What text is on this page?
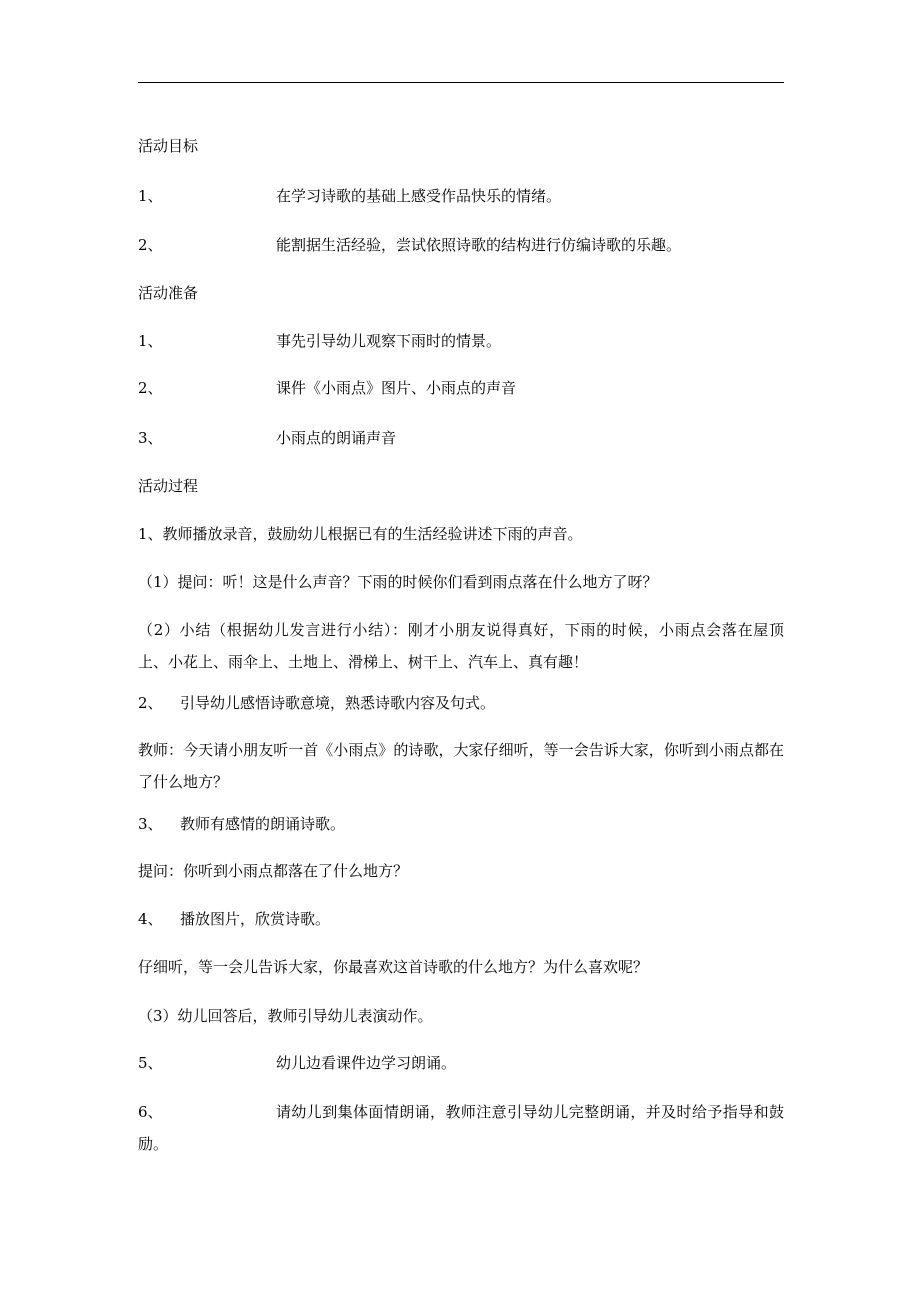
活动目标
1、	在学习诗歌的基础上感受作品快乐的情绪。
2、	能割据生活经验，尝试依照诗歌的结构进行仿编诗歌的乐趣。
活动准备
1、	事先引导幼儿观察下雨时的情景。
2、	课件《小雨点》图片、小雨点的声音
3、	小雨点的朗诵声音
活动过程
1、教师播放录音，鼓励幼儿根据已有的生活经验讲述下雨的声音。
（1）提问：听！这是什么声音？下雨的时候你们看到雨点落在什么地方了呀？
（2）小结（根据幼儿发言进行小结）：刚才小朋友说得真好，下雨的时候，小雨点会落在屋顶上、小花上、雨伞上、土地上、滑梯上、树干上、汽车上、真有趣！
2、 引导幼儿感悟诗歌意境，熟悉诗歌内容及句式。
教师：今天请小朋友听一首《小雨点》的诗歌，大家仔细听，等一会告诉大家，你听到小雨点都在了什么地方？
3、 教师有感情的朗诵诗歌。
提问：你听到小雨点都落在了什么地方？
4、 播放图片，欣赏诗歌。
仔细听，等一会儿告诉大家，你最喜欢这首诗歌的什么地方？为什么喜欢呢？
（3）幼儿回答后，教师引导幼儿表演动作。
5、	幼儿边看课件边学习朗诵。
6、	请幼儿到集体面情朗诵，教师注意引导幼儿完整朗诵，并及时给予指导和鼓励。
